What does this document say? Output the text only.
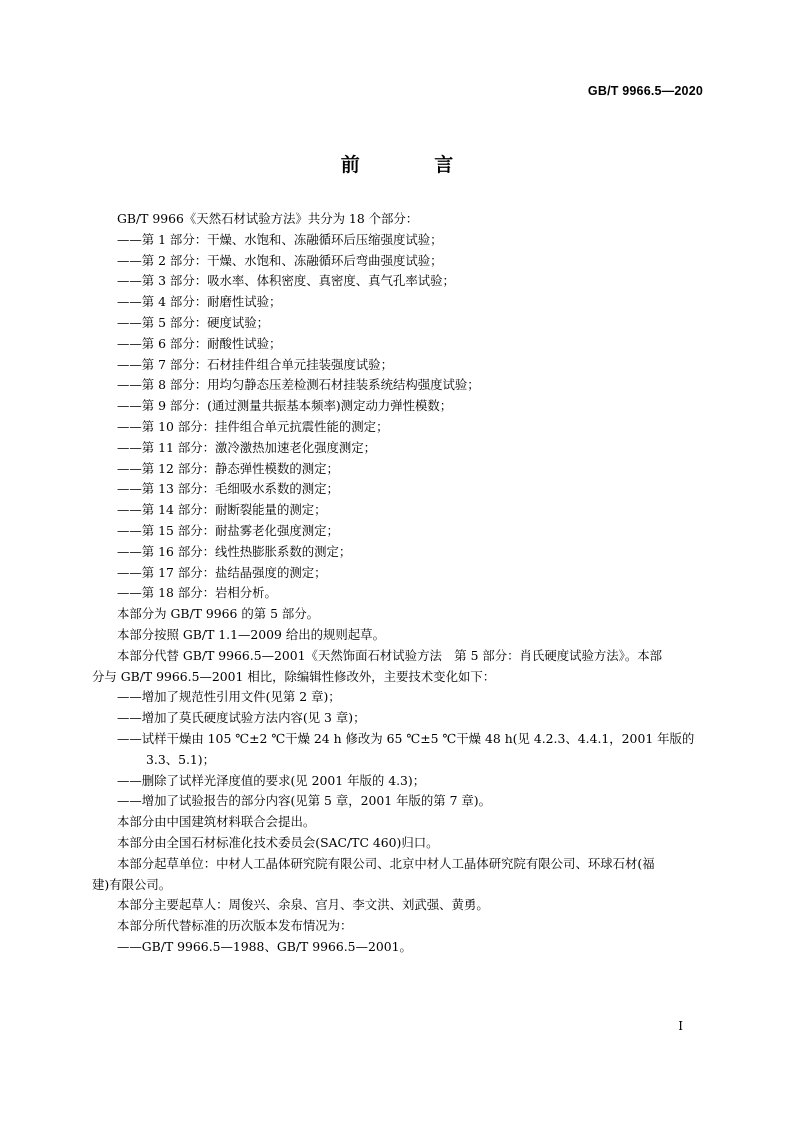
GB/T 9966.5—2020
前 言
GB/T 9966《天然石材试验方法》共分为 18 个部分：
——第 1 部分：干燥、水饱和、冻融循环后压缩强度试验；
——第 2 部分：干燥、水饱和、冻融循环后弯曲强度试验；
——第 3 部分：吸水率、体积密度、真密度、真气孔率试验；
——第 4 部分：耐磨性试验；
——第 5 部分：硬度试验；
——第 6 部分：耐酸性试验；
——第 7 部分：石材挂件组合单元挂装强度试验；
——第 8 部分：用均匀静态压差检测石材挂装系统结构强度试验；
——第 9 部分：(通过测量共振基本频率)测定动力弹性模数；
——第 10 部分：挂件组合单元抗震性能的测定；
——第 11 部分：激冷激热加速老化强度测定；
——第 12 部分：静态弹性模数的测定；
——第 13 部分：毛细吸水系数的测定；
——第 14 部分：耐断裂能量的测定；
——第 15 部分：耐盐雾老化强度测定；
——第 16 部分：线性热膨胀系数的测定；
——第 17 部分：盐结晶强度的测定；
——第 18 部分：岩相分析。
本部分为 GB/T 9966 的第 5 部分。
本部分按照 GB/T 1.1—2009 给出的规则起草。
本部分代替 GB/T 9966.5—2001《天然饰面石材试验方法　第 5 部分：肖氏硬度试验方法》。本部
分与 GB/T 9966.5—2001 相比，除编辑性修改外，主要技术变化如下：
——增加了规范性引用文件(见第 2 章)；
——增加了莫氏硬度试验方法内容(见 3 章)；
——试样干燥由 105 ℃±2 ℃干燥 24 h 修改为 65 ℃±5 ℃干燥 48 h(见 4.2.3、4.4.1，2001 年版的
3.3、5.1)；
——删除了试样光泽度值的要求(见 2001 年版的 4.3)；
——增加了试验报告的部分内容(见第 5 章，2001 年版的第 7 章)。
本部分由中国建筑材料联合会提出。
本部分由全国石材标准化技术委员会(SAC/TC 460)归口。
本部分起草单位：中材人工晶体研究院有限公司、北京中材人工晶体研究院有限公司、环球石材(福
建)有限公司。
本部分主要起草人：周俊兴、余泉、宫月、李文洪、刘武强、黄勇。
本部分所代替标准的历次版本发布情况为：
——GB/T 9966.5—1988、GB/T 9966.5—2001。
I
